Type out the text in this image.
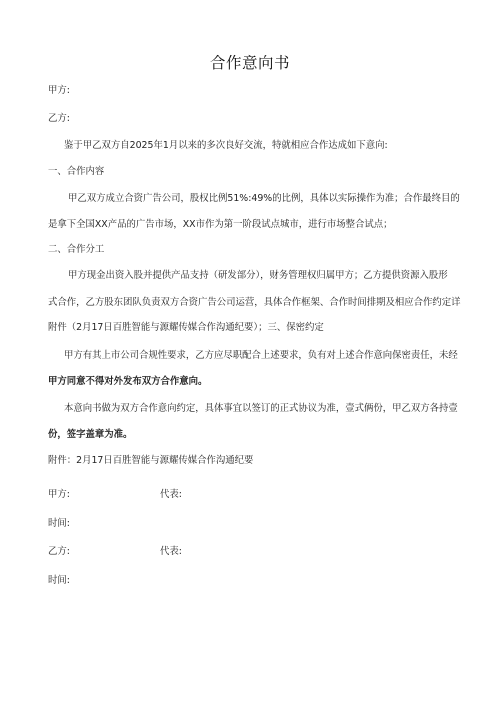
合作意向书
甲方:
乙方:
鉴于甲乙双方自2025年1月以来的多次良好交流，特就相应合作达成如下意向:
一、合作内容
甲乙双方成立合资广告公司，股权比例51%:49%的比例，具体以实际操作为准；合作最终目的
是拿下全国XX产品的广告市场，XX市作为第一阶段试点城市，进行市场整合试点；
二、合作分工
甲方现金出资入股并提供产品支持（研发部分），财务管理权归属甲方；乙方提供资源入股形
式合作，乙方股东团队负责双方合资广告公司运营，具体合作框架、合作时间排期及相应合作约定详
附件（2月17日百胜智能与源耀传媒合作沟通纪要）；三、保密约定
甲方有其上市公司合规性要求，乙方应尽职配合上述要求，负有对上述合作意向保密责任，未经
甲方同意不得对外发布双方合作意向。
本意向书做为双方合作意向约定，具体事宜以签订的正式协议为准，壹式俩份，甲乙双方各持壹
份，签字盖章为准。
附件：2月17日百胜智能与源耀传媒合作沟通纪要
甲方:	代表:
时间:
乙方:	代表:
时间:
